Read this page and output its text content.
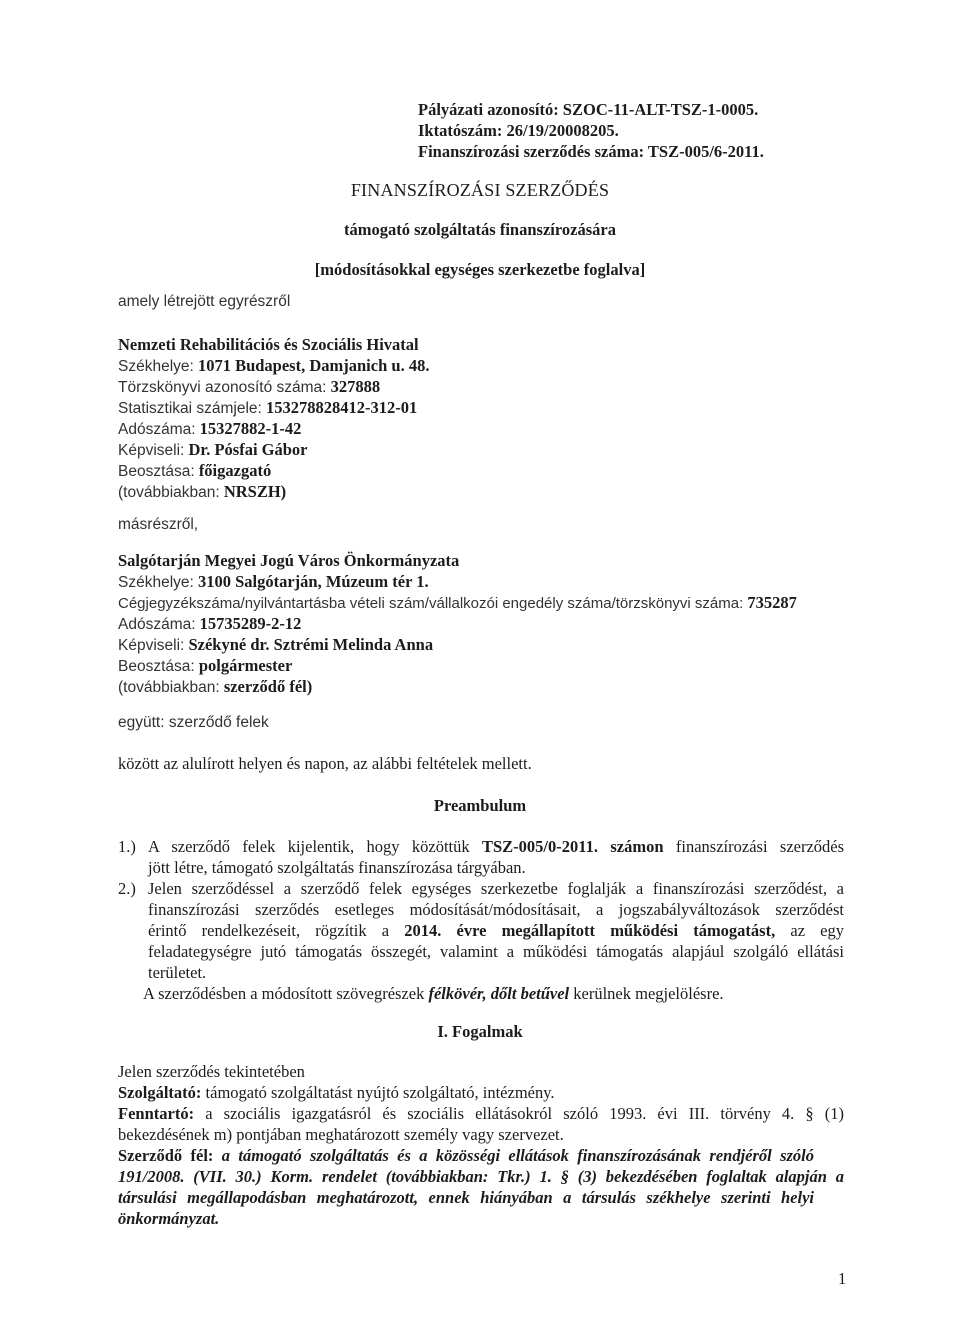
Pályázati azonosító: SZOC-11-ALT-TSZ-1-0005.
Iktatószám: 26/19/20008205.
Finanszírozási szerződés száma: TSZ-005/6-2011.
FINANSZÍROZÁSI SZERZŐDÉS
támogató szolgáltatás finanszírozására
[módosításokkal egységes szerkezetbe foglalva]
amely létrejött egyrészről
Nemzeti Rehabilitációs és Szociális Hivatal
Székhelye: 1071 Budapest, Damjanich u. 48.
Törzskönyvi azonosító száma: 327888
Statisztikai számjele: 153278828412-312-01
Adószáma: 15327882-1-42
Képviseli: Dr. Pósfai Gábor
Beosztása: főigazgató
(továbbiakban: NRSZH)
másrészről,
Salgótarján Megyei Jogú Város Önkormányzata
Székhelye: 3100 Salgótarján, Múzeum tér 1.
Cégjegyzékszáma/nyilvántartásba vételi szám/vállalkozói engedély száma/törzskönyvi száma: 735287
Adószáma: 15735289-2-12
Képviseli: Székyné dr. Sztrémi Melinda Anna
Beosztása: polgármester
(továbbiakban: szerződő fél)
együtt: szerződő felek
között az alulírott helyen és napon, az alábbi feltételek mellett.
Preambulum
1.) A szerződő felek kijelentik, hogy közöttük TSZ-005/0-2011. számon finanszírozási szerződés
jött létre, támogató szolgáltatás finanszírozása tárgyában.
2.) Jelen szerződéssel a szerződő felek egységes szerkezetbe foglalják a finanszírozási szerződést, a
finanszírozási szerződés esetleges módosítását/módosításait, a jogszabályváltozások szerződést
érintő rendelkezéseit, rögzítik a 2014. évre megállapított működési támogatást, az egy
feladategységre jutó támogatás összegét, valamint a működési támogatás alapjául szolgáló ellátási
területet.
A szerződésben a módosított szövegrészek félkövér, dőlt betűvel kerülnek megjelölésre.
I. Fogalmak
Jelen szerződés tekintetében
Szolgáltató: támogató szolgáltatást nyújtó szolgáltató, intézmény.
Fenntartó: a szociális igazgatásról és szociális ellátásokról szóló 1993. évi III. törvény 4. § (1)
bekezdésének m) pontjában meghatározott személy vagy szervezet.
Szerződő fél: a támogató szolgáltatás és a közösségi ellátások finanszírozásának rendjéről szóló
191/2008. (VII. 30.) Korm. rendelet (továbbiakban: Tkr.) 1. § (3) bekezdésében foglaltak alapján a
társulási megállapodásban meghatározott, ennek hiányában a társulás székhelye szerinti helyi
önkormányzat.
1
